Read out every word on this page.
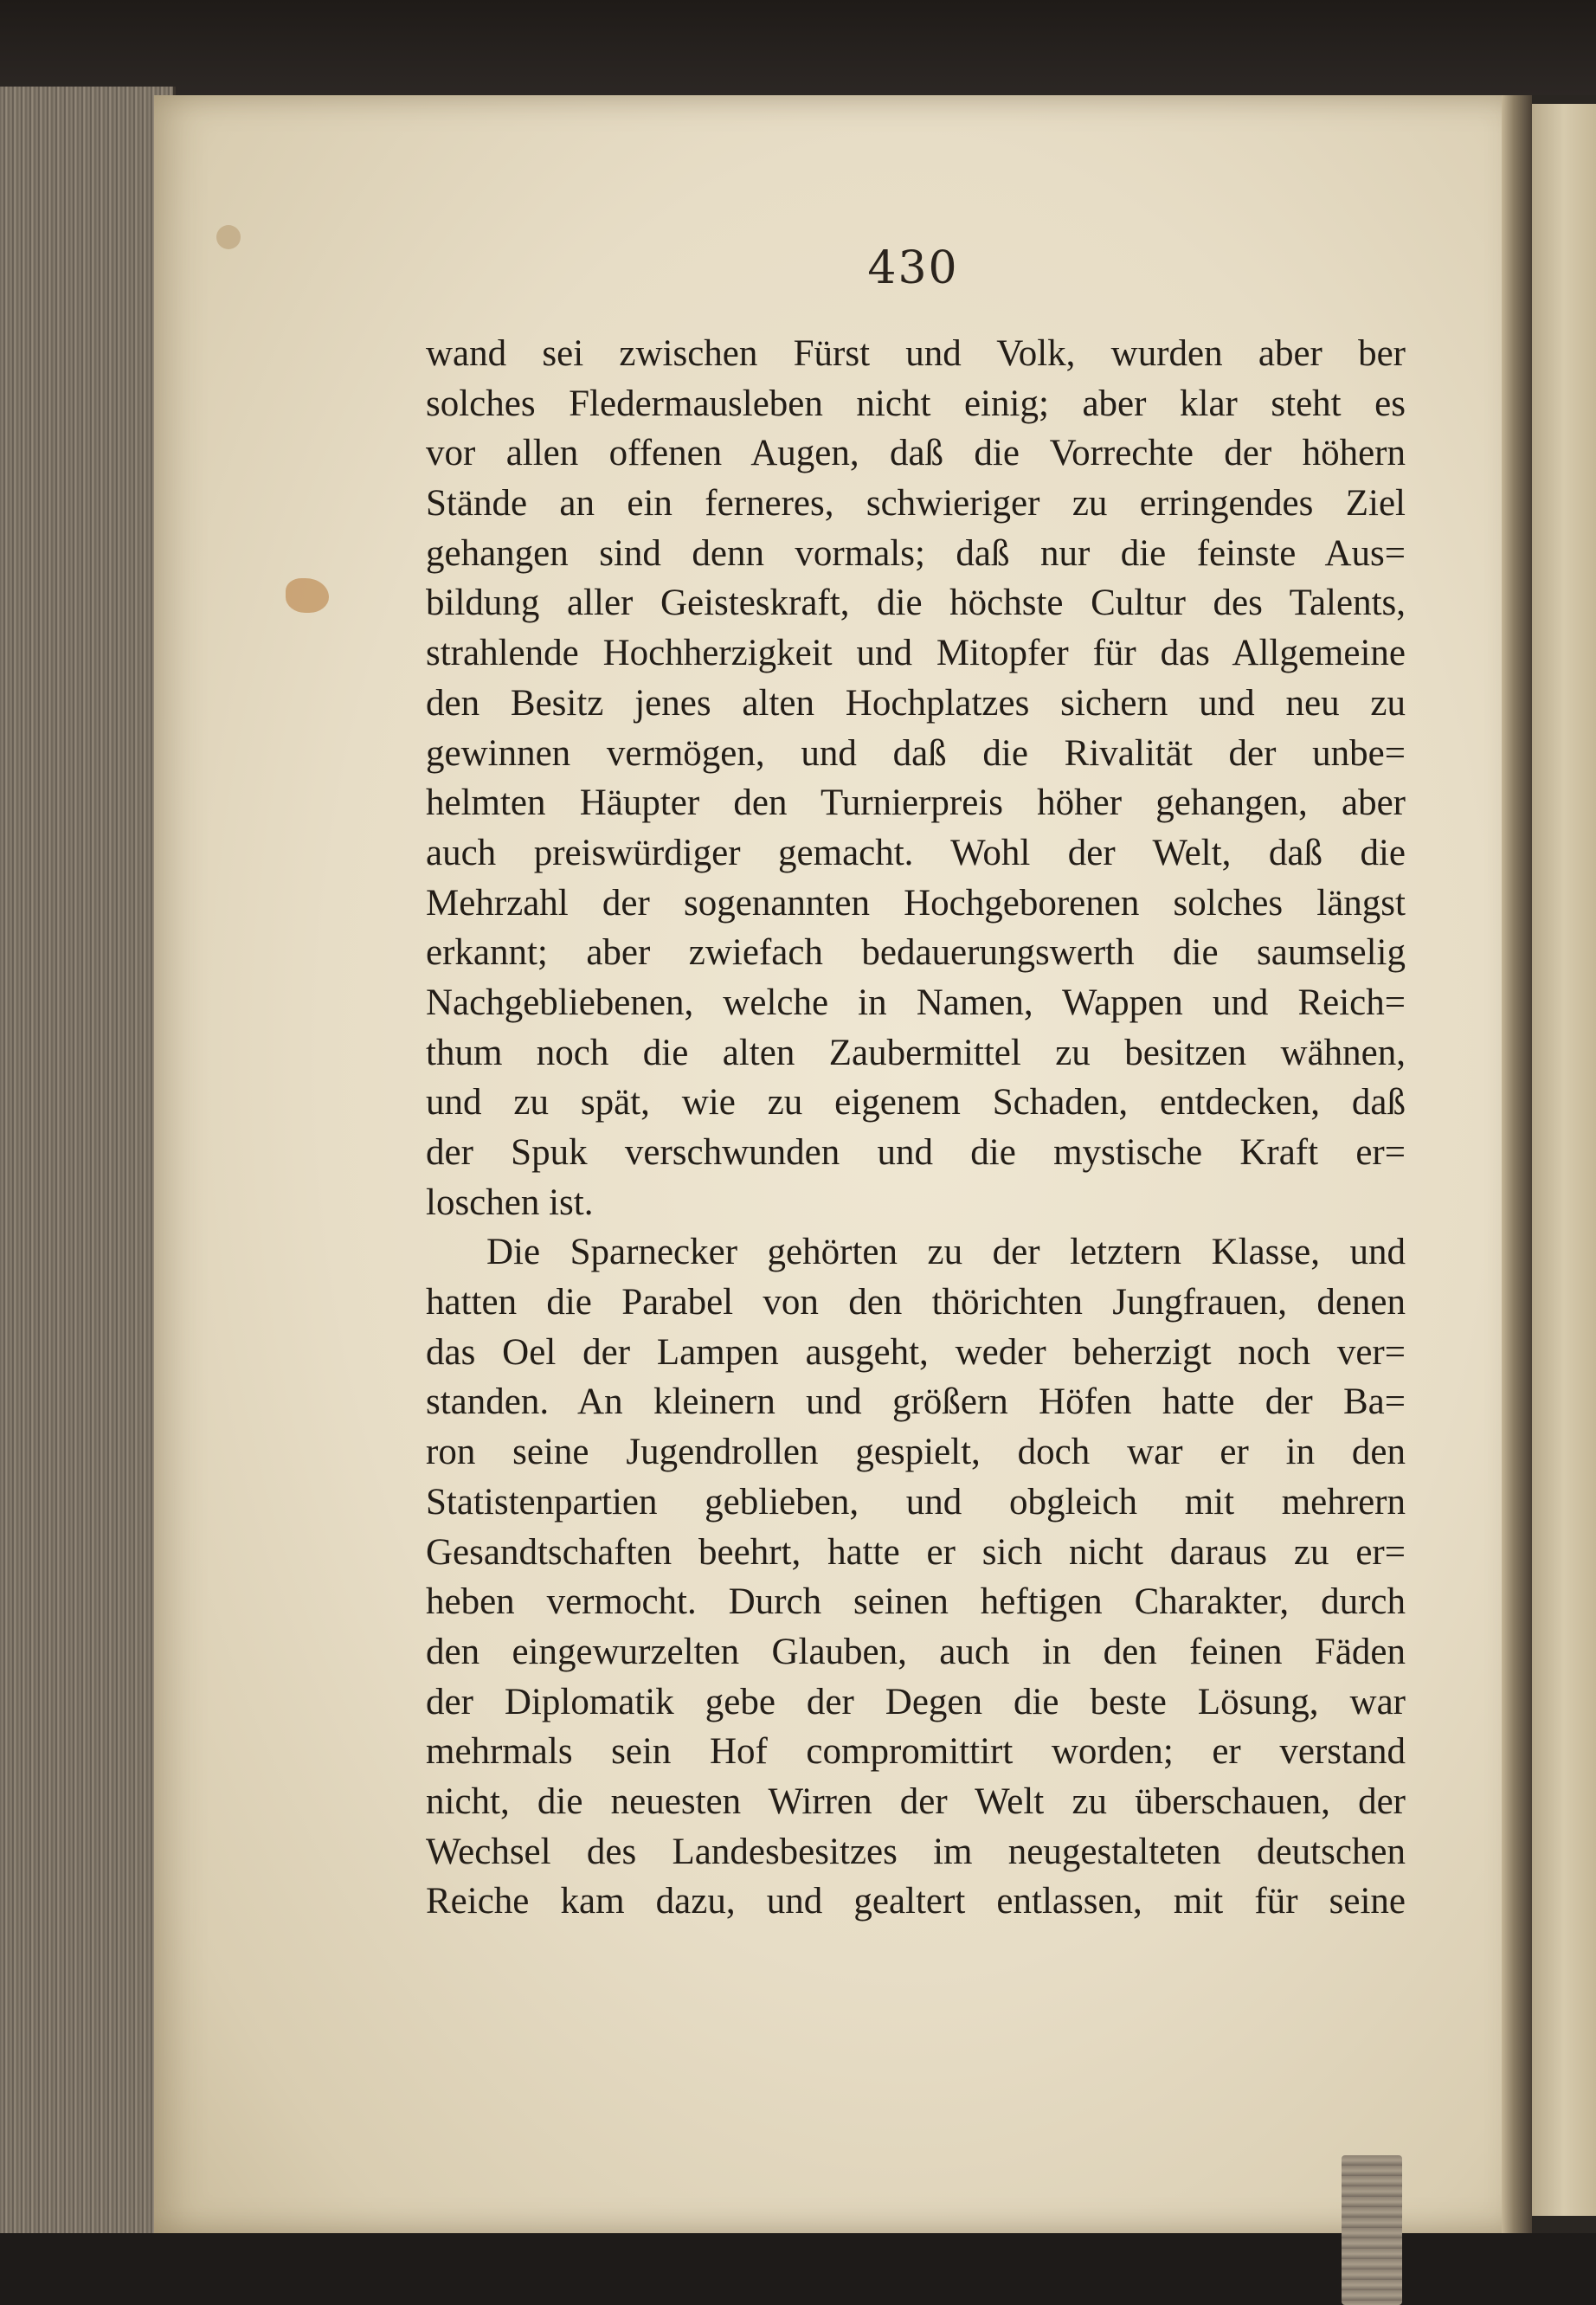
430
wand sei zwischen Fürst und Volk, wurden aber ber
solches Fledermausleben nicht einig; aber klar steht es
vor allen offenen Augen, daß die Vorrechte der höhern
Stände an ein ferneres, schwieriger zu erringendes Ziel
gehangen sind denn vormals; daß nur die feinste Aus=
bildung aller Geisteskraft, die höchste Cultur des Talents,
strahlende Hochherzigkeit und Mitopfer für das Allgemeine
den Besitz jenes alten Hochplatzes sichern und neu zu
gewinnen vermögen, und daß die Rivalität der unbe=
helmten Häupter den Turnierpreis höher gehangen, aber
auch preiswürdiger gemacht. Wohl der Welt, daß die
Mehrzahl der sogenannten Hochgeborenen solches längst
erkannt; aber zwiefach bedauerungswerth die saumselig
Nachgebliebenen, welche in Namen, Wappen und Reich=
thum noch die alten Zaubermittel zu besitzen wähnen,
und zu spät, wie zu eigenem Schaden, entdecken, daß
der Spuk verschwunden und die mystische Kraft er=
loschen ist.
Die Sparnecker gehörten zu der letztern Klasse, und
hatten die Parabel von den thörichten Jungfrauen, denen
das Oel der Lampen ausgeht, weder beherzigt noch ver=
standen. An kleinern und größern Höfen hatte der Ba=
ron seine Jugendrollen gespielt, doch war er in den
Statistenpartien geblieben, und obgleich mit mehrern
Gesandtschaften beehrt, hatte er sich nicht daraus zu er=
heben vermocht. Durch seinen heftigen Charakter, durch
den eingewurzelten Glauben, auch in den feinen Fäden
der Diplomatik gebe der Degen die beste Lösung, war
mehrmals sein Hof compromittirt worden; er verstand
nicht, die neuesten Wirren der Welt zu überschauen, der
Wechsel des Landesbesitzes im neugestalteten deutschen
Reiche kam dazu, und gealtert entlassen, mit für seine
